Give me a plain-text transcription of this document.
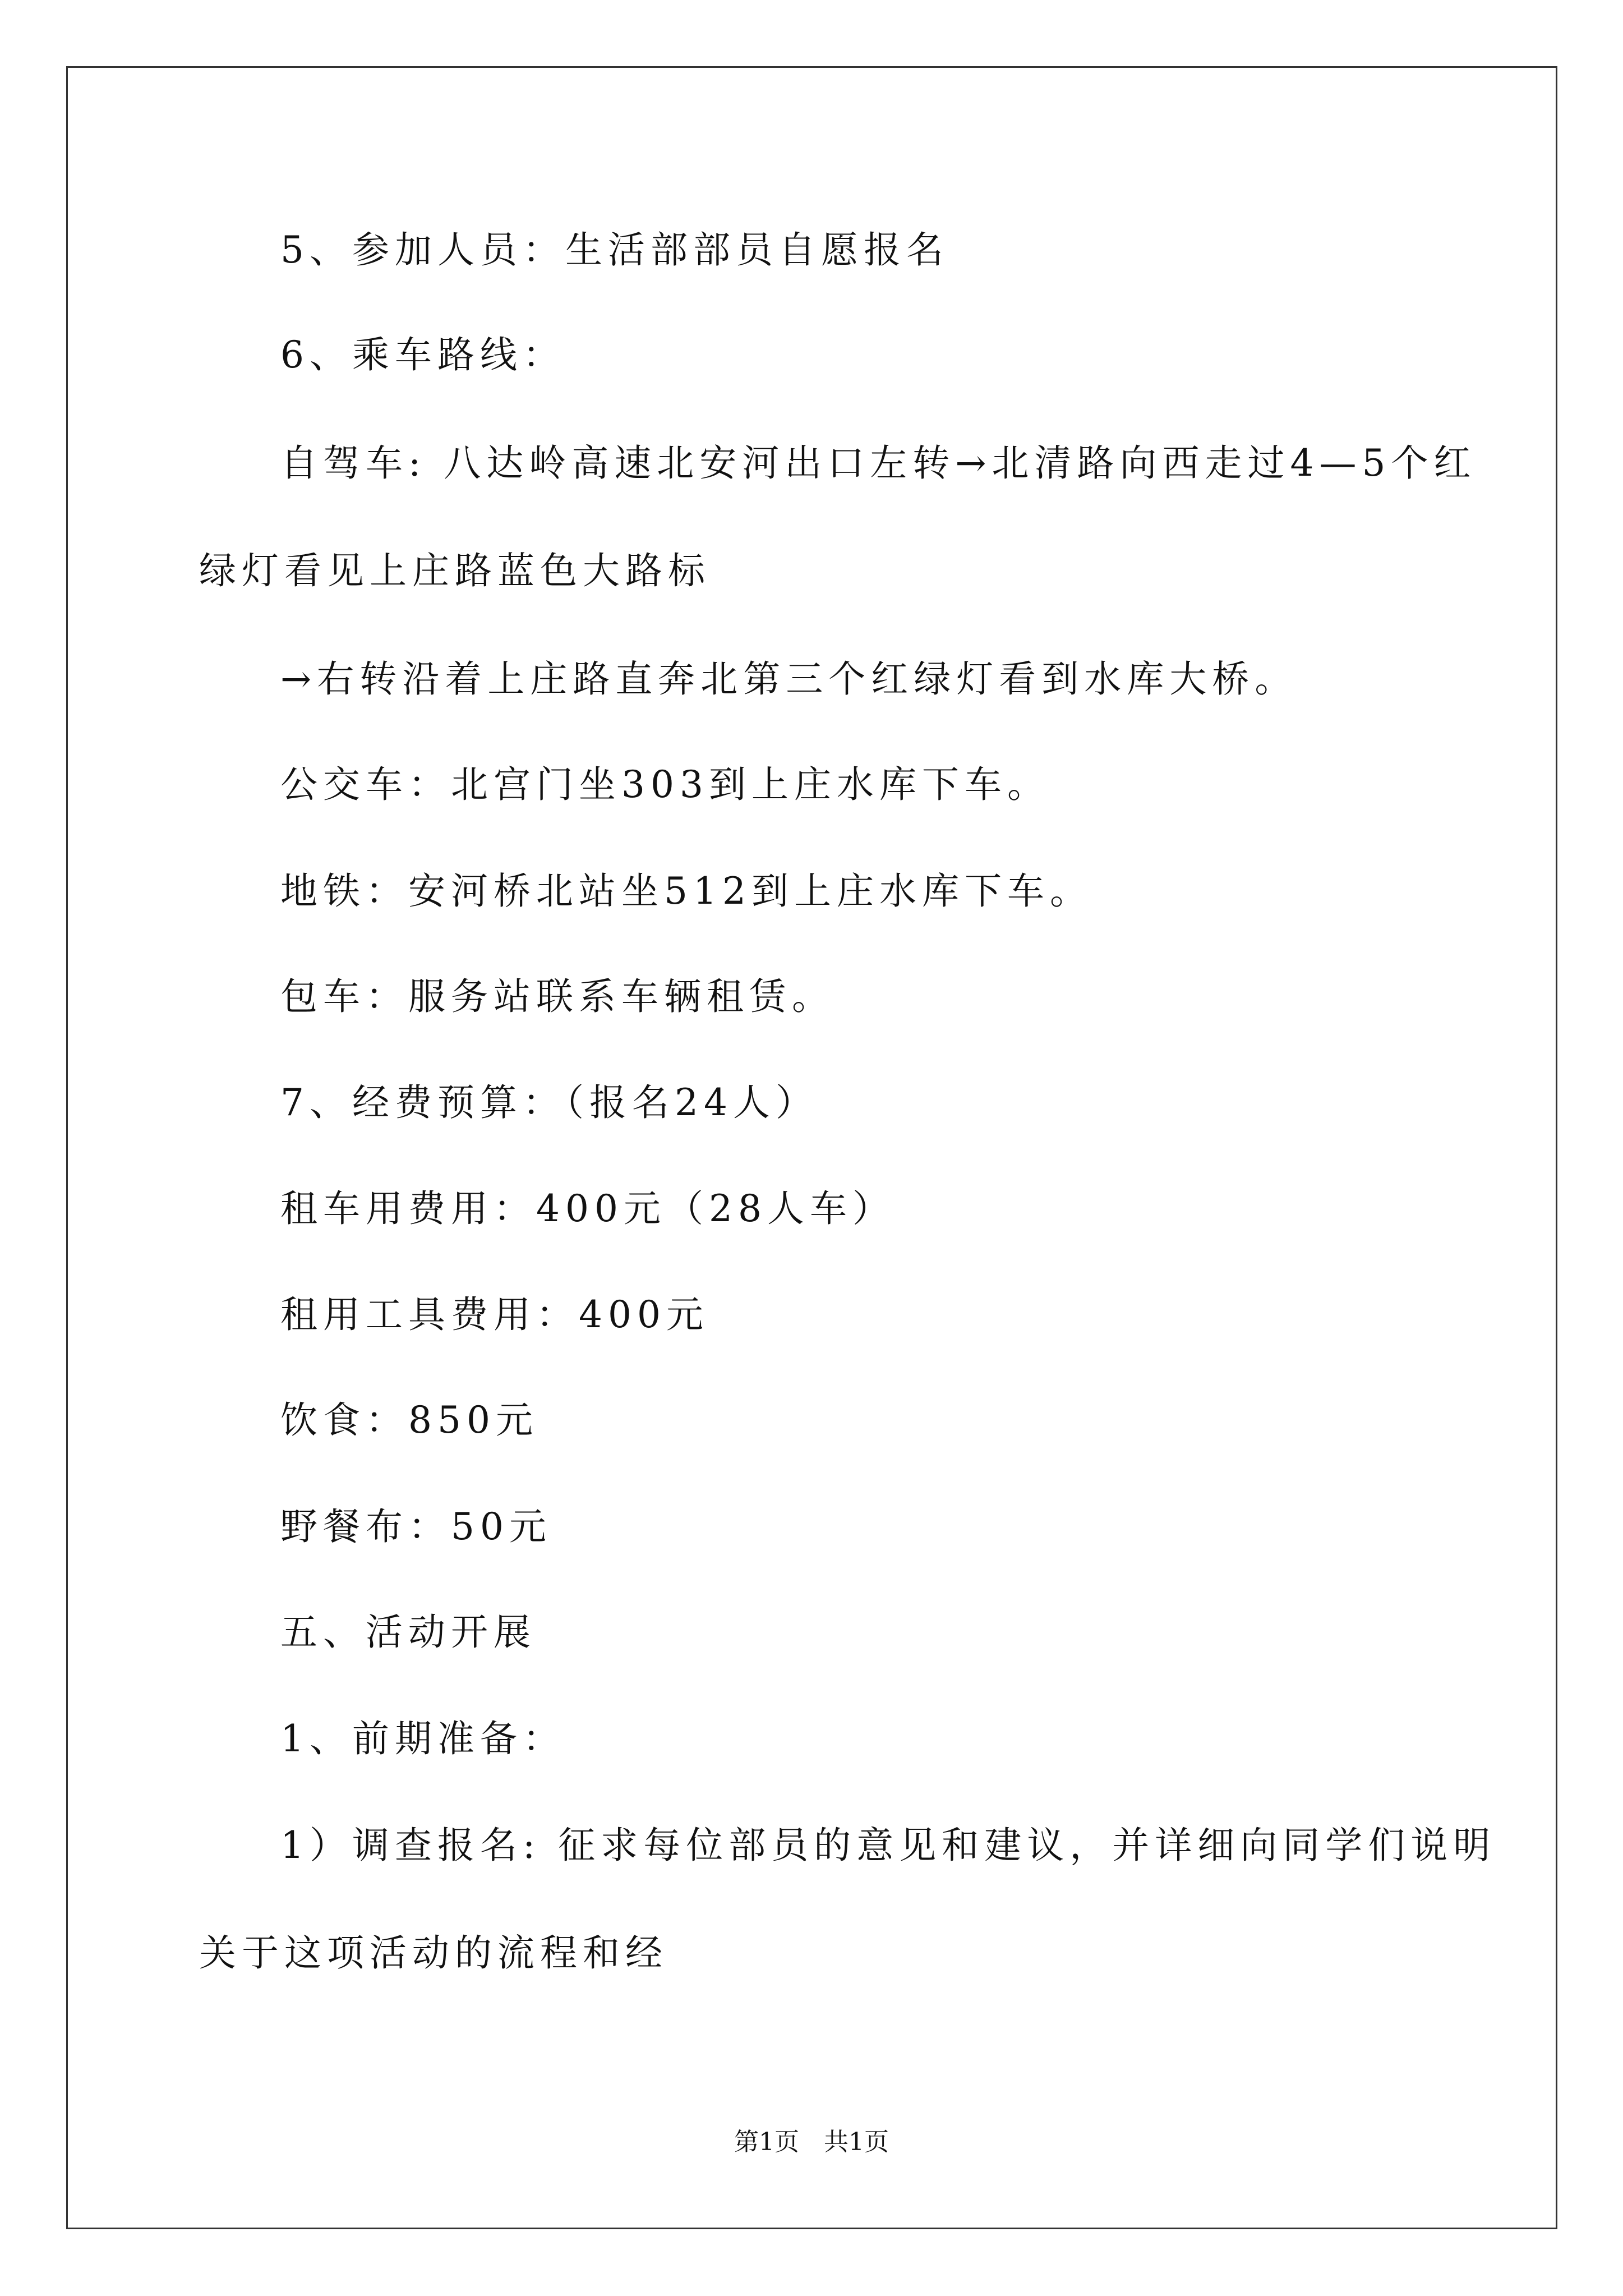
5、参加人员：生活部部员自愿报名
6、乘车路线：
自驾车: 八达岭高速北安河出口左转→北清路向西走过4—5个红
绿灯看见上庄路蓝色大路标
→右转沿着上庄路直奔北第三个红绿灯看到水库大桥。
公交车：北宫门坐303到上庄水库下车。
地铁：安河桥北站坐512到上庄水库下车。
包车：服务站联系车辆租赁。
7、经费预算：（报名24人）
租车用费用：400元（28人车）
租用工具费用：400元
饮食：850元
野餐布：50元
五、活动开展
1、前期准备：
1）调查报名: 征求每位部员的意见和建议，并详细向同学们说明
关于这项活动的流程和经
第1页 共1页
